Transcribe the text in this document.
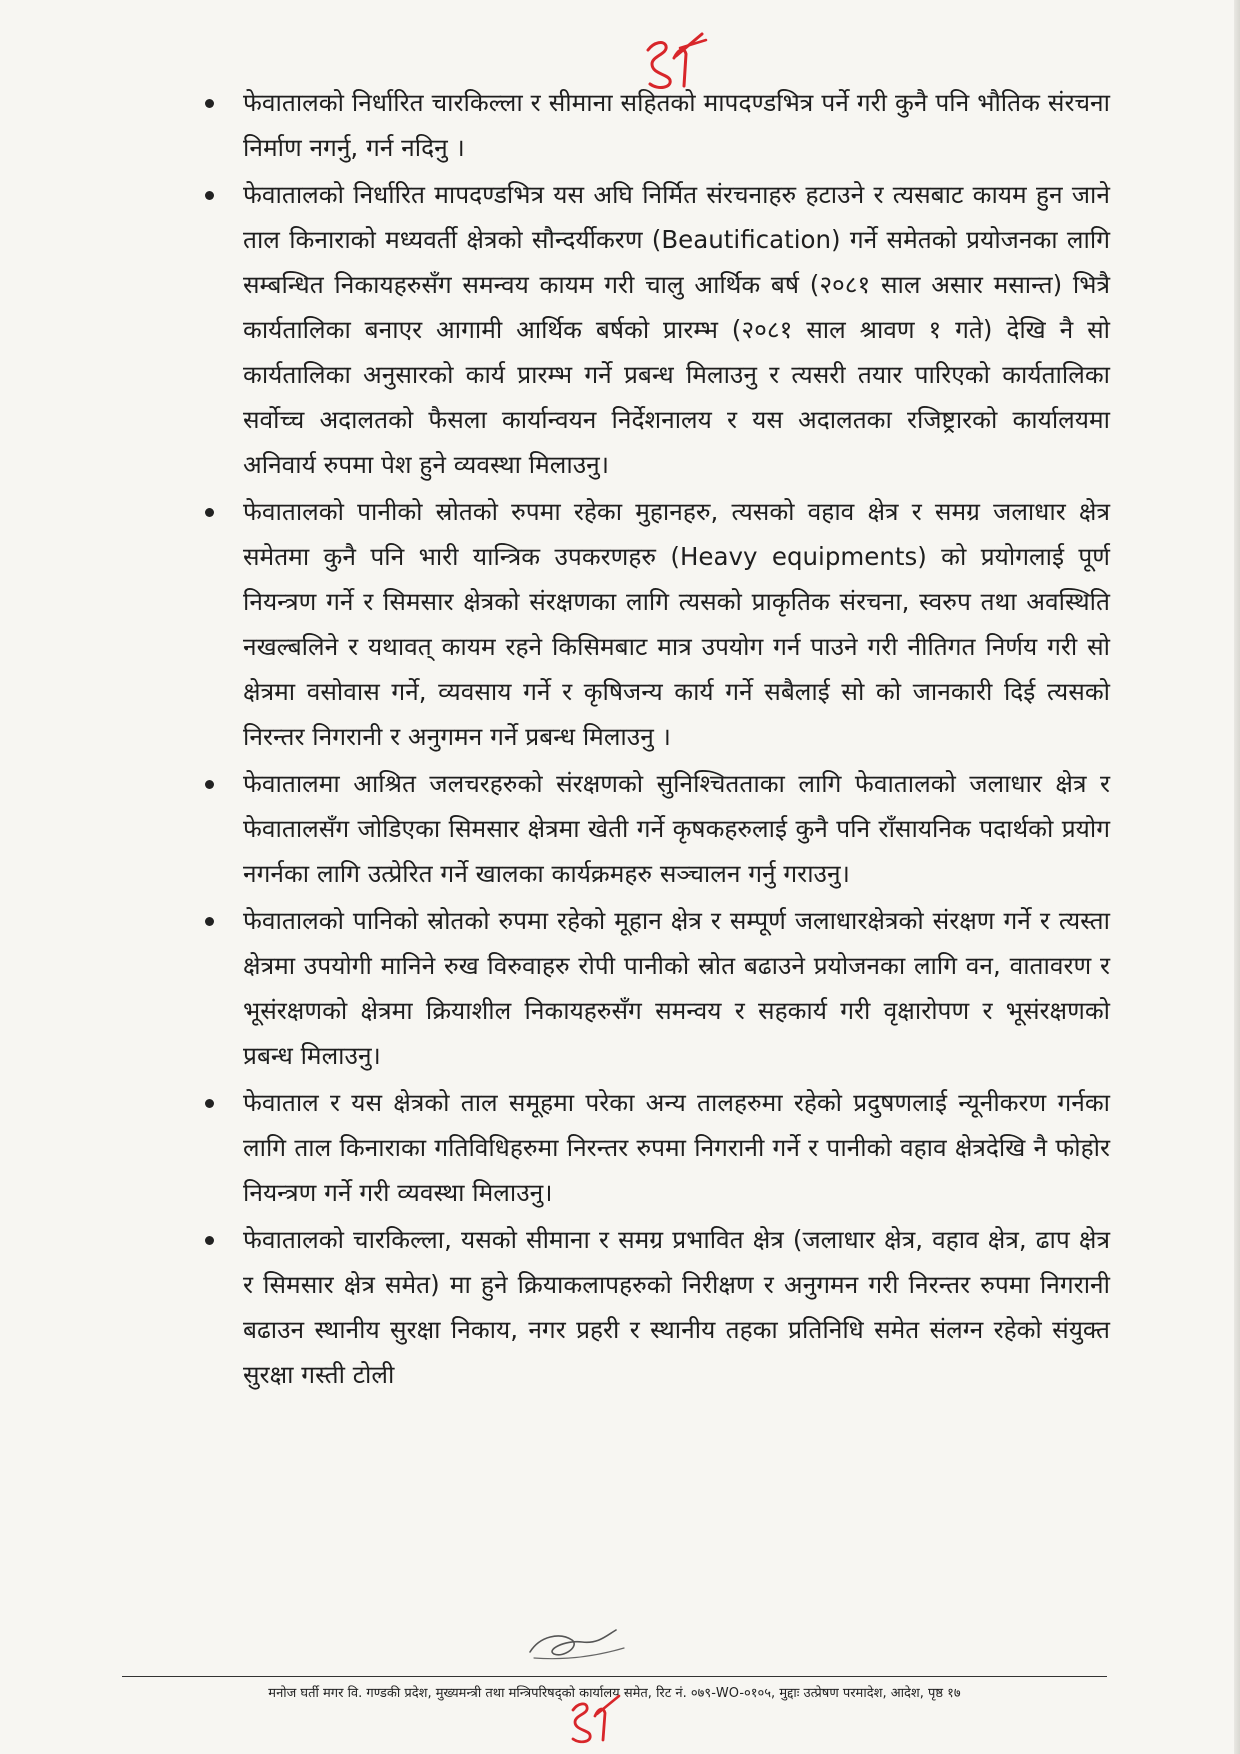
फेवातालको निर्धारित चारकिल्ला र सीमाना सहितको मापदण्डभित्र पर्ने गरी कुनै पनि भौतिक संरचना निर्माण नगर्नु, गर्न नदिनु ।
फेवातालको निर्धारित मापदण्डभित्र यस अघि निर्मित संरचनाहरु हटाउने र त्यसबाट कायम हुन जाने ताल किनाराको मध्यवर्ती क्षेत्रको सौन्दर्यीकरण (Beautification) गर्ने समेतको प्रयोजनका लागि सम्बन्धित निकायहरुसँग समन्वय कायम गरी चालु आर्थिक बर्ष (२०८१ साल असार मसान्त) भित्रै कार्यतालिका बनाएर आगामी आर्थिक बर्षको प्रारम्भ (२०८१ साल श्रावण १ गते) देखि नै सो कार्यतालिका अनुसारको कार्य प्रारम्भ गर्ने प्रबन्ध मिलाउनु र त्यसरी तयार पारिएको कार्यतालिका सर्वोच्च अदालतको फैसला कार्यान्वयन निर्देशनालय र यस अदालतका रजिष्ट्रारको कार्यालयमा अनिवार्य रुपमा पेश हुने व्यवस्था मिलाउनु।
फेवातालको पानीको स्रोतको रुपमा रहेका मुहानहरु, त्यसको वहाव क्षेत्र र समग्र जलाधार क्षेत्र समेतमा कुनै पनि भारी यान्त्रिक उपकरणहरु (Heavy equipments) को प्रयोगलाई पूर्ण नियन्त्रण गर्ने र सिमसार क्षेत्रको संरक्षणका लागि त्यसको प्राकृतिक संरचना, स्वरुप तथा अवस्थिति नखल्बलिने र यथावत् कायम रहने किसिमबाट मात्र उपयोग गर्न पाउने गरी नीतिगत निर्णय गरी सो क्षेत्रमा वसोवास गर्ने, व्यवसाय गर्ने र कृषिजन्य कार्य गर्ने सबैलाई सो को जानकारी दिई त्यसको निरन्तर निगरानी र अनुगमन गर्ने प्रबन्ध मिलाउनु ।
फेवातालमा आश्रित जलचरहरुको संरक्षणको सुनिश्चितताका लागि फेवातालको जलाधार क्षेत्र र फेवातालसँग जोडिएका सिमसार क्षेत्रमा खेती गर्ने कृषकहरुलाई कुनै पनि राँसायनिक पदार्थको प्रयोग नगर्नका लागि उत्प्रेरित गर्ने खालका कार्यक्रमहरु सञ्चालन गर्नु गराउनु।
फेवातालको पानिको स्रोतको रुपमा रहेको मूहान क्षेत्र र सम्पूर्ण जलाधारक्षेत्रको संरक्षण गर्ने र त्यस्ता क्षेत्रमा उपयोगी मानिने रुख विरुवाहरु रोपी पानीको स्रोत बढाउने प्रयोजनका लागि वन, वातावरण र भूसंरक्षणको क्षेत्रमा क्रियाशील निकायहरुसँग समन्वय र सहकार्य गरी वृक्षारोपण र भूसंरक्षणको प्रबन्ध मिलाउनु।
फेवाताल र यस क्षेत्रको ताल समूहमा परेका अन्य तालहरुमा रहेको प्रदुषणलाई न्यूनीकरण गर्नका लागि ताल किनाराका गतिविधिहरुमा निरन्तर रुपमा निगरानी गर्ने र पानीको वहाव क्षेत्रदेखि नै फोहोर नियन्त्रण गर्ने गरी व्यवस्था मिलाउनु।
फेवातालको चारकिल्ला, यसको सीमाना र समग्र प्रभावित क्षेत्र (जलाधार क्षेत्र, वहाव क्षेत्र, ढाप क्षेत्र र सिमसार क्षेत्र समेत) मा हुने क्रियाकलापहरुको निरीक्षण र अनुगमन गरी निरन्तर रुपमा निगरानी बढाउन स्थानीय सुरक्षा निकाय, नगर प्रहरी र स्थानीय तहका प्रतिनिधि समेत संलग्न रहेको संयुक्त सुरक्षा गस्ती टोली
मनोज घर्ती मगर वि. गण्डकी प्रदेश, मुख्यमन्त्री तथा मन्त्रिपरिषद्को कार्यालय समेत, रिट नं. ०७९-WO-०१०५, मुद्दाः उत्प्रेषण परमादेश, आदेश, पृष्ठ १७
